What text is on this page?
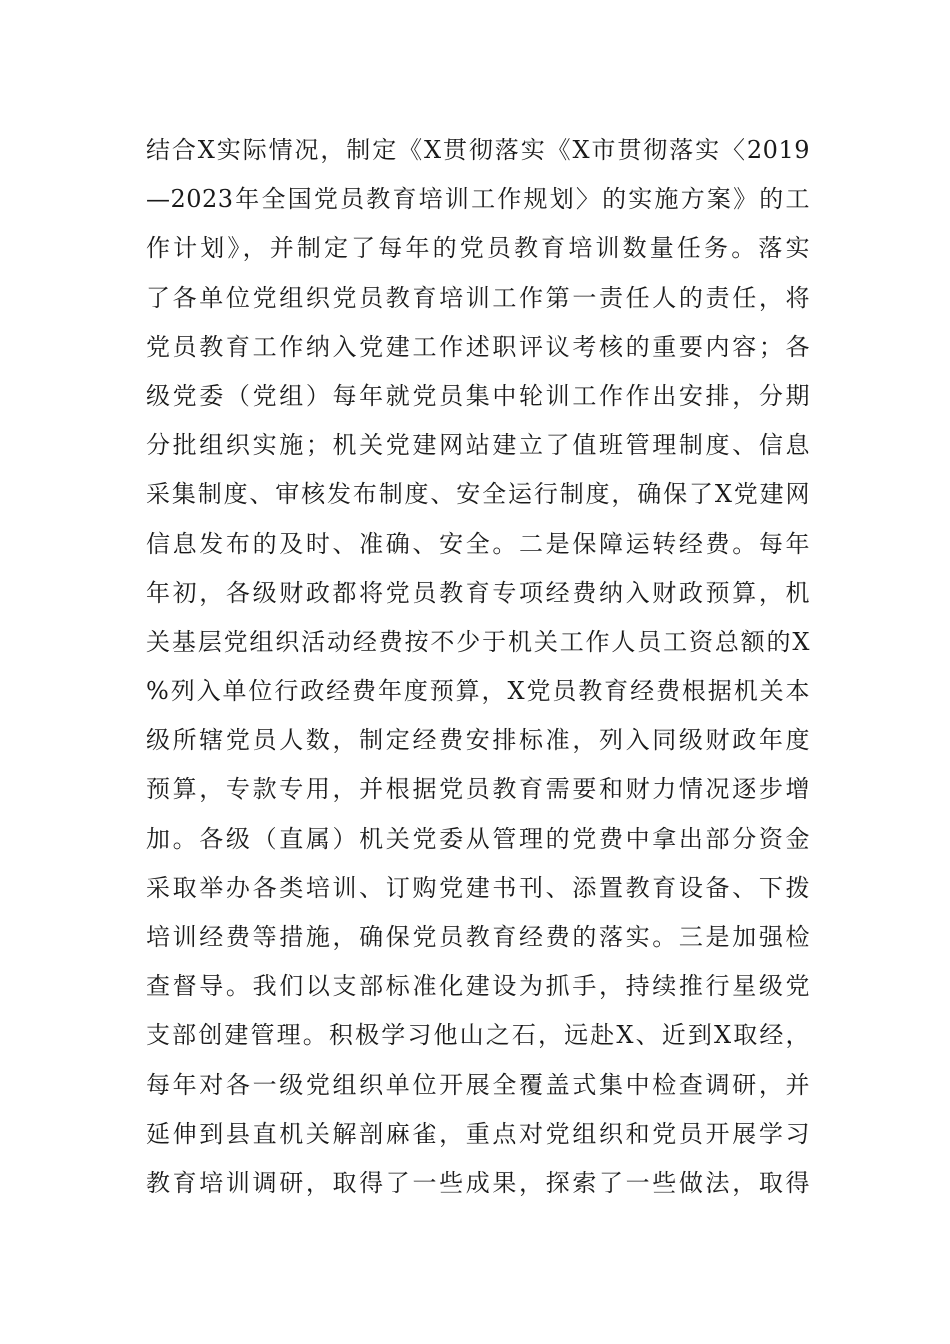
结合X实际情况，制定《X贯彻落实《X市贯彻落实〈2019
—2023年全国党员教育培训工作规划〉的实施方案》的工
作计划》，并制定了每年的党员教育培训数量任务。落实
了各单位党组织党员教育培训工作第一责任人的责任，将
党员教育工作纳入党建工作述职评议考核的重要内容；各
级党委（党组）每年就党员集中轮训工作作出安排，分期
分批组织实施；机关党建网站建立了值班管理制度、信息
采集制度、审核发布制度、安全运行制度，确保了X党建网
信息发布的及时、准确、安全。二是保障运转经费。每年
年初，各级财政都将党员教育专项经费纳入财政预算，机
关基层党组织活动经费按不少于机关工作人员工资总额的X
%列入单位行政经费年度预算，X党员教育经费根据机关本
级所辖党员人数，制定经费安排标准，列入同级财政年度
预算，专款专用，并根据党员教育需要和财力情况逐步增
加。各级（直属）机关党委从管理的党费中拿出部分资金
采取举办各类培训、订购党建书刊、添置教育设备、下拨
培训经费等措施，确保党员教育经费的落实。三是加强检
查督导。我们以支部标准化建设为抓手，持续推行星级党
支部创建管理。积极学习他山之石，远赴X、近到X取经，
每年对各一级党组织单位开展全覆盖式集中检查调研，并
延伸到县直机关解剖麻雀，重点对党组织和党员开展学习
教育培训调研，取得了一些成果，探索了一些做法，取得
